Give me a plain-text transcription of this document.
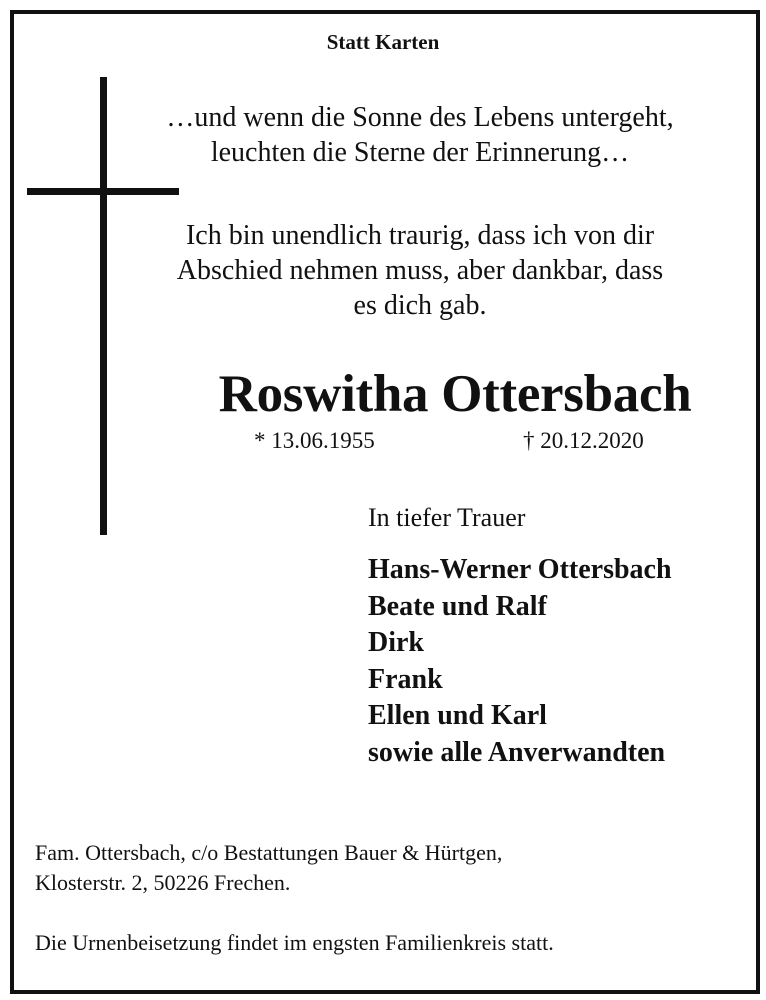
Statt Karten
…und wenn die Sonne des Lebens untergeht,
leuchten die Sterne der Erinnerung…
Ich bin unendlich traurig, dass ich von dir
Abschied nehmen muss, aber dankbar, dass
es dich gab.
Roswitha Ottersbach
* 13.06.1955	† 20.12.2020
In tiefer Trauer
Hans-Werner Ottersbach
Beate und Ralf
Dirk
Frank
Ellen und Karl
sowie alle Anverwandten
Fam. Ottersbach, c/o Bestattungen Bauer & Hürtgen,
Klosterstr. 2, 50226 Frechen.
Die Urnenbeisetzung findet im engsten Familienkreis statt.
